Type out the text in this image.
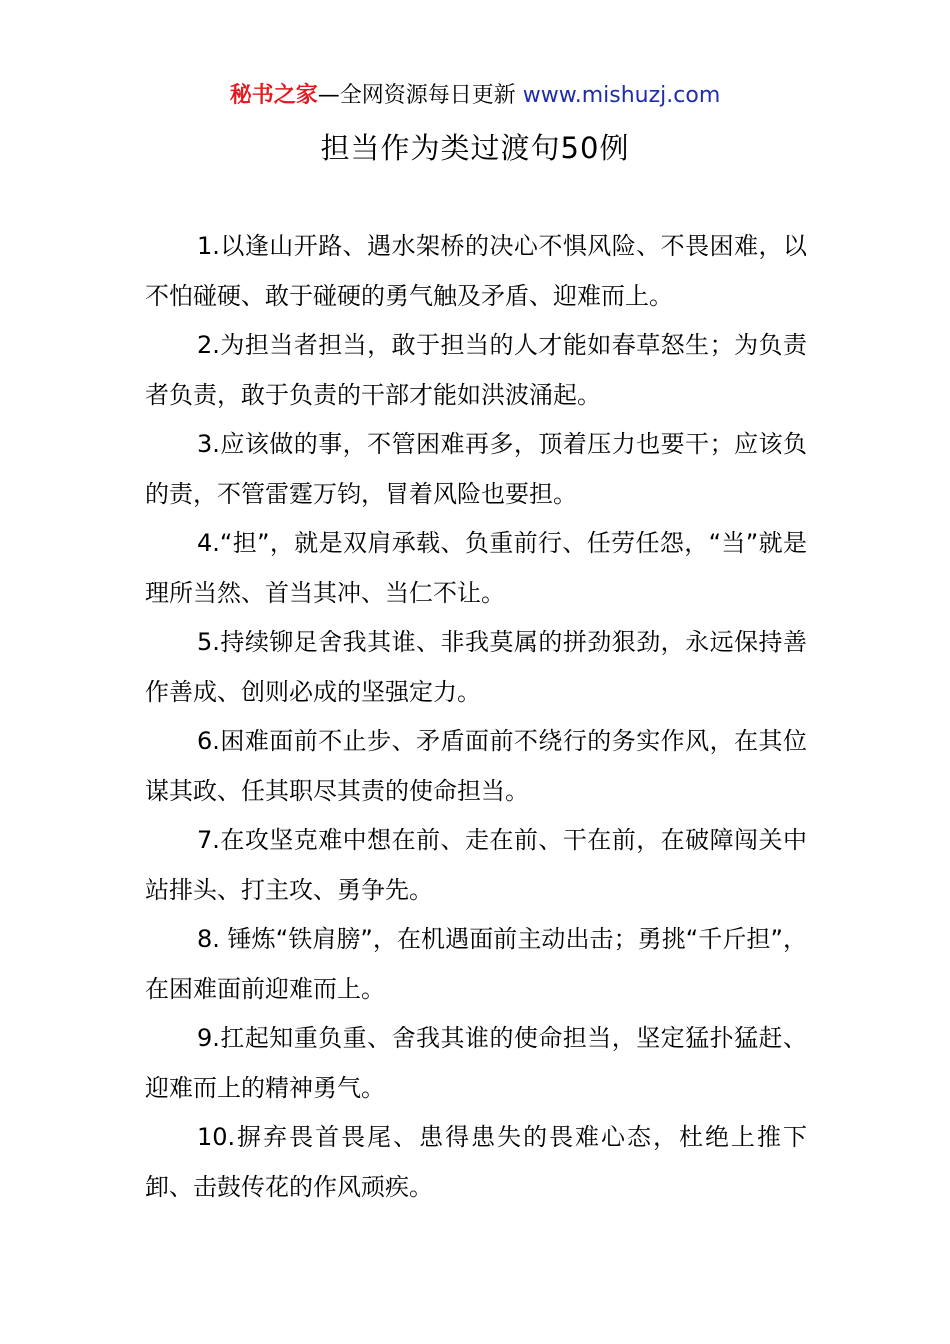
秘书之家—全网资源每日更新 www.mishuzj.com
担当作为类过渡句50例

1.以逢山开路、遇水架桥的决心不惧风险、不畏困难，以不怕碰硬、敢于碰硬的勇气触及矛盾、迎难而上。

2.为担当者担当，敢于担当的人才能如春草怒生；为负责者负责，敢于负责的干部才能如洪波涌起。

3.应该做的事，不管困难再多，顶着压力也要干；应该负的责，不管雷霆万钧，冒着风险也要担。

4.“担”，就是双肩承载、负重前行、任劳任怨，“当”就是理所当然、首当其冲、当仁不让。

5.持续铆足舍我其谁、非我莫属的拼劲狠劲，永远保持善作善成、创则必成的坚强定力。

6.困难面前不止步、矛盾面前不绕行的务实作风，在其位谋其政、任其职尽其责的使命担当。

7.在攻坚克难中想在前、走在前、干在前，在破障闯关中站排头、打主攻、勇争先。

8. 锤炼“铁肩膀”，在机遇面前主动出击；勇挑“千斤担”，在困难面前迎难而上。

9.扛起知重负重、舍我其谁的使命担当，坚定猛扑猛赶、迎难而上的精神勇气。

10.摒弃畏首畏尾、患得患失的畏难心态，杜绝上推下卸、击鼓传花的作风顽疾。
